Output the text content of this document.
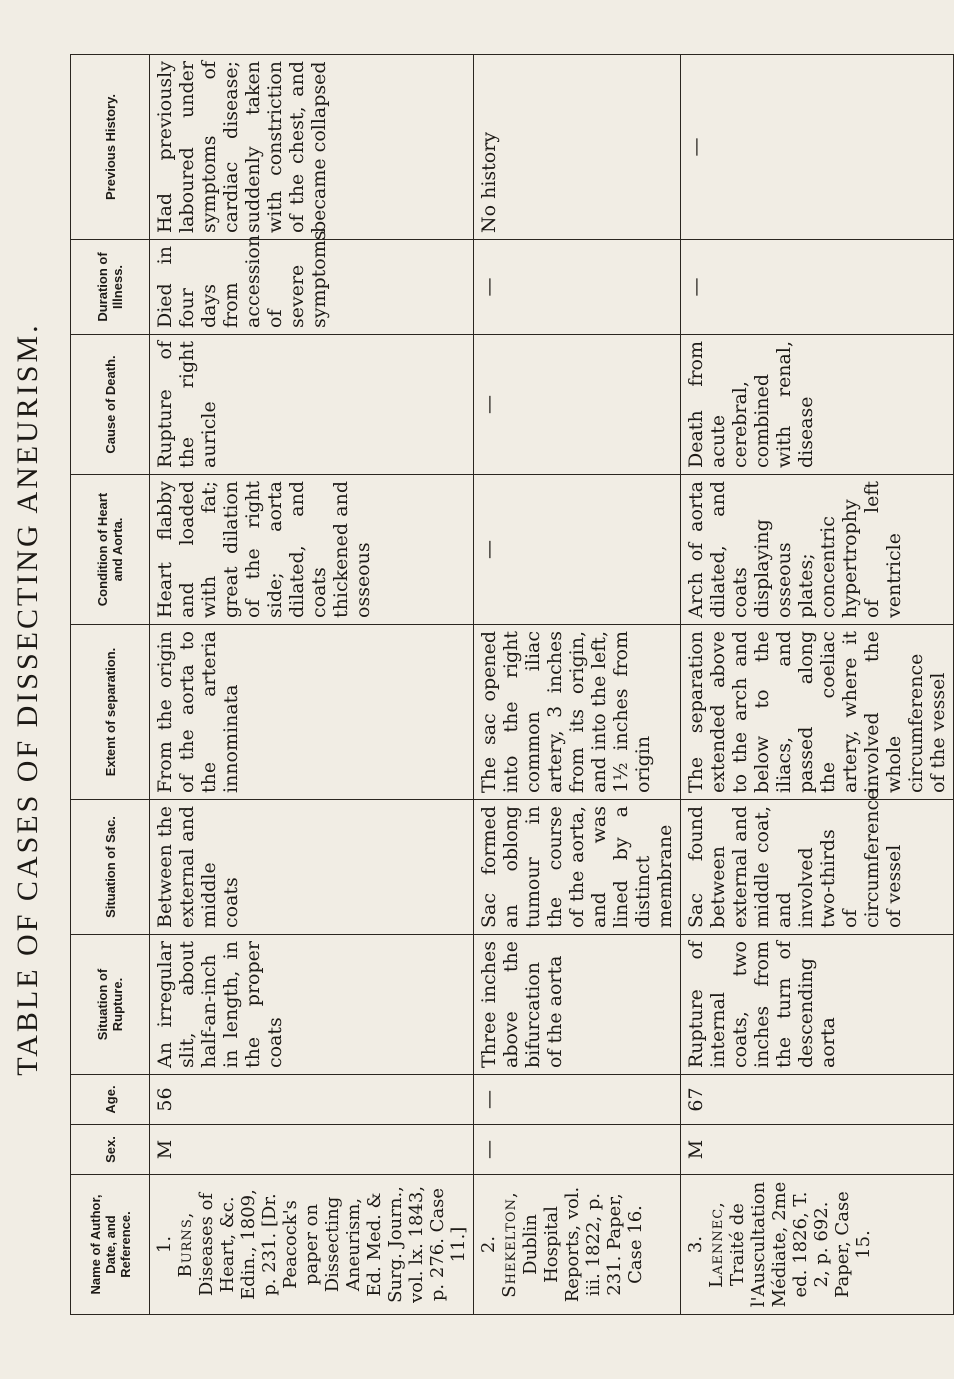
TABLE OF CASES OF DISSECTING ANEURISM.
Name of Author, Date, and Reference.	Sex.	Age.	Situation of Rupture.	Situation of Sac.	Extent of separation.	Condition of Heart and Aorta.	Cause of Death.	Duration of Illness.	Previous History.

1. Burns, Diseases of Heart, &c. Edin., 1809, p. 231. [Dr. Peacock's paper on Dissecting Aneurism, Ed. Med. & Surg. Journ., vol. lx. 1843, p. 276. Case 11.]	M	56	An irregular slit, about half-an-inch in length, in the proper coats	Between the external and middle coats	From the origin of the aorta to the arteria innominata	Heart flabby and loaded with fat; great dilation of the right side; aorta dilated, and coats thickened and osseous	Rupture of the right auricle	Died in four days from accession of severe symptoms	Had previously laboured under symptoms of cardiac disease; suddenly taken with constriction of the chest, and became collapsed

2. Shekelton, Dublin Hospital Reports, vol. iii. 1822, p. 231. Paper, Case 16.	—	—	Three inches above the bifurcation of the aorta	Sac formed an oblong tumour in the course of the aorta, and was lined by a distinct membrane	The sac opened into the right common iliac artery, 3 inches from its origin, and into the left, 1½ inches from origin	—	—	—	No history

3. Laennec, Traité de l'Auscultation Médiate, 2me ed. 1826, T. 2, p. 692. Paper, Case 15.	M	67	Rupture of internal coats, two inches from the turn of descending aorta	Sac found between external and middle coat, and involved two-thirds of circumference of vessel	The separation extended above to the arch and below to the iliacs, and passed along the coeliac artery, where it involved the whole circumference of the vessel	Arch of aorta dilated, and coats displaying osseous plates; concentric hypertrophy of left ventricle	Death from acute cerebral, combined with renal, disease	—	—
